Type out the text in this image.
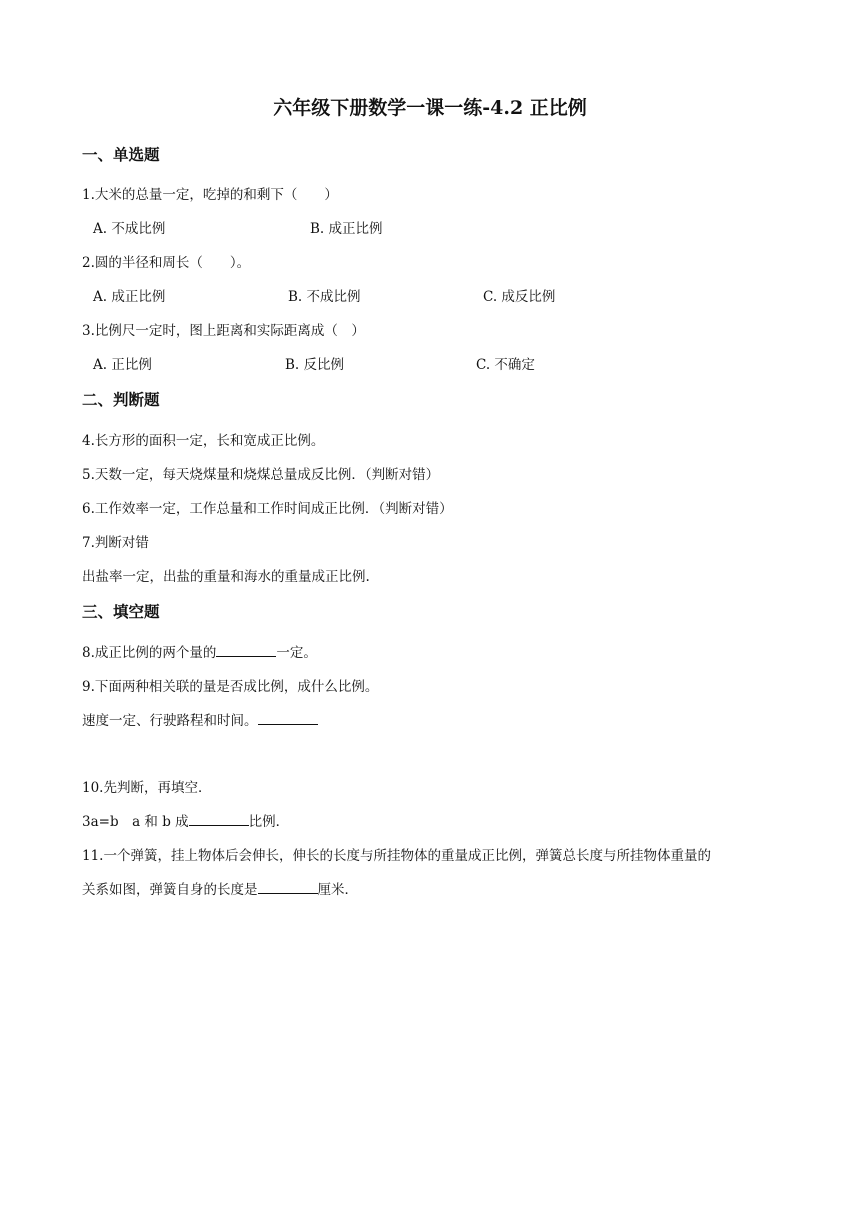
六年级下册数学一课一练-4.2 正比例
一、单选题
1.大米的总量一定，吃掉的和剩下（　　）
A. 不成比例	B. 成正比例
2.圆的半径和周长（　　）。
A. 成正比例	B. 不成比例	C. 成反比例
3.比例尺一定时，图上距离和实际距离成（　）
A. 正比例	B. 反比例	C. 不确定
二、判断题
4.长方形的面积一定，长和宽成正比例。
5.天数一定，每天烧煤量和烧煤总量成反比例．（判断对错）
6.工作效率一定，工作总量和工作时间成正比例．（判断对错）
7.判断对错
出盐率一定，出盐的重量和海水的重量成正比例.
三、填空题
8.成正比例的两个量的	一定。
9.下面两种相关联的量是否成比例，成什么比例。
速度一定、行驶路程和时间。
10.先判断，再填空．
3a=b　a 和 b 成	比例．
11.一个弹簧，挂上物体后会伸长，伸长的长度与所挂物体的重量成正比例，弹簧总长度与所挂物体重量的
关系如图，弹簧自身的长度是	厘米．
